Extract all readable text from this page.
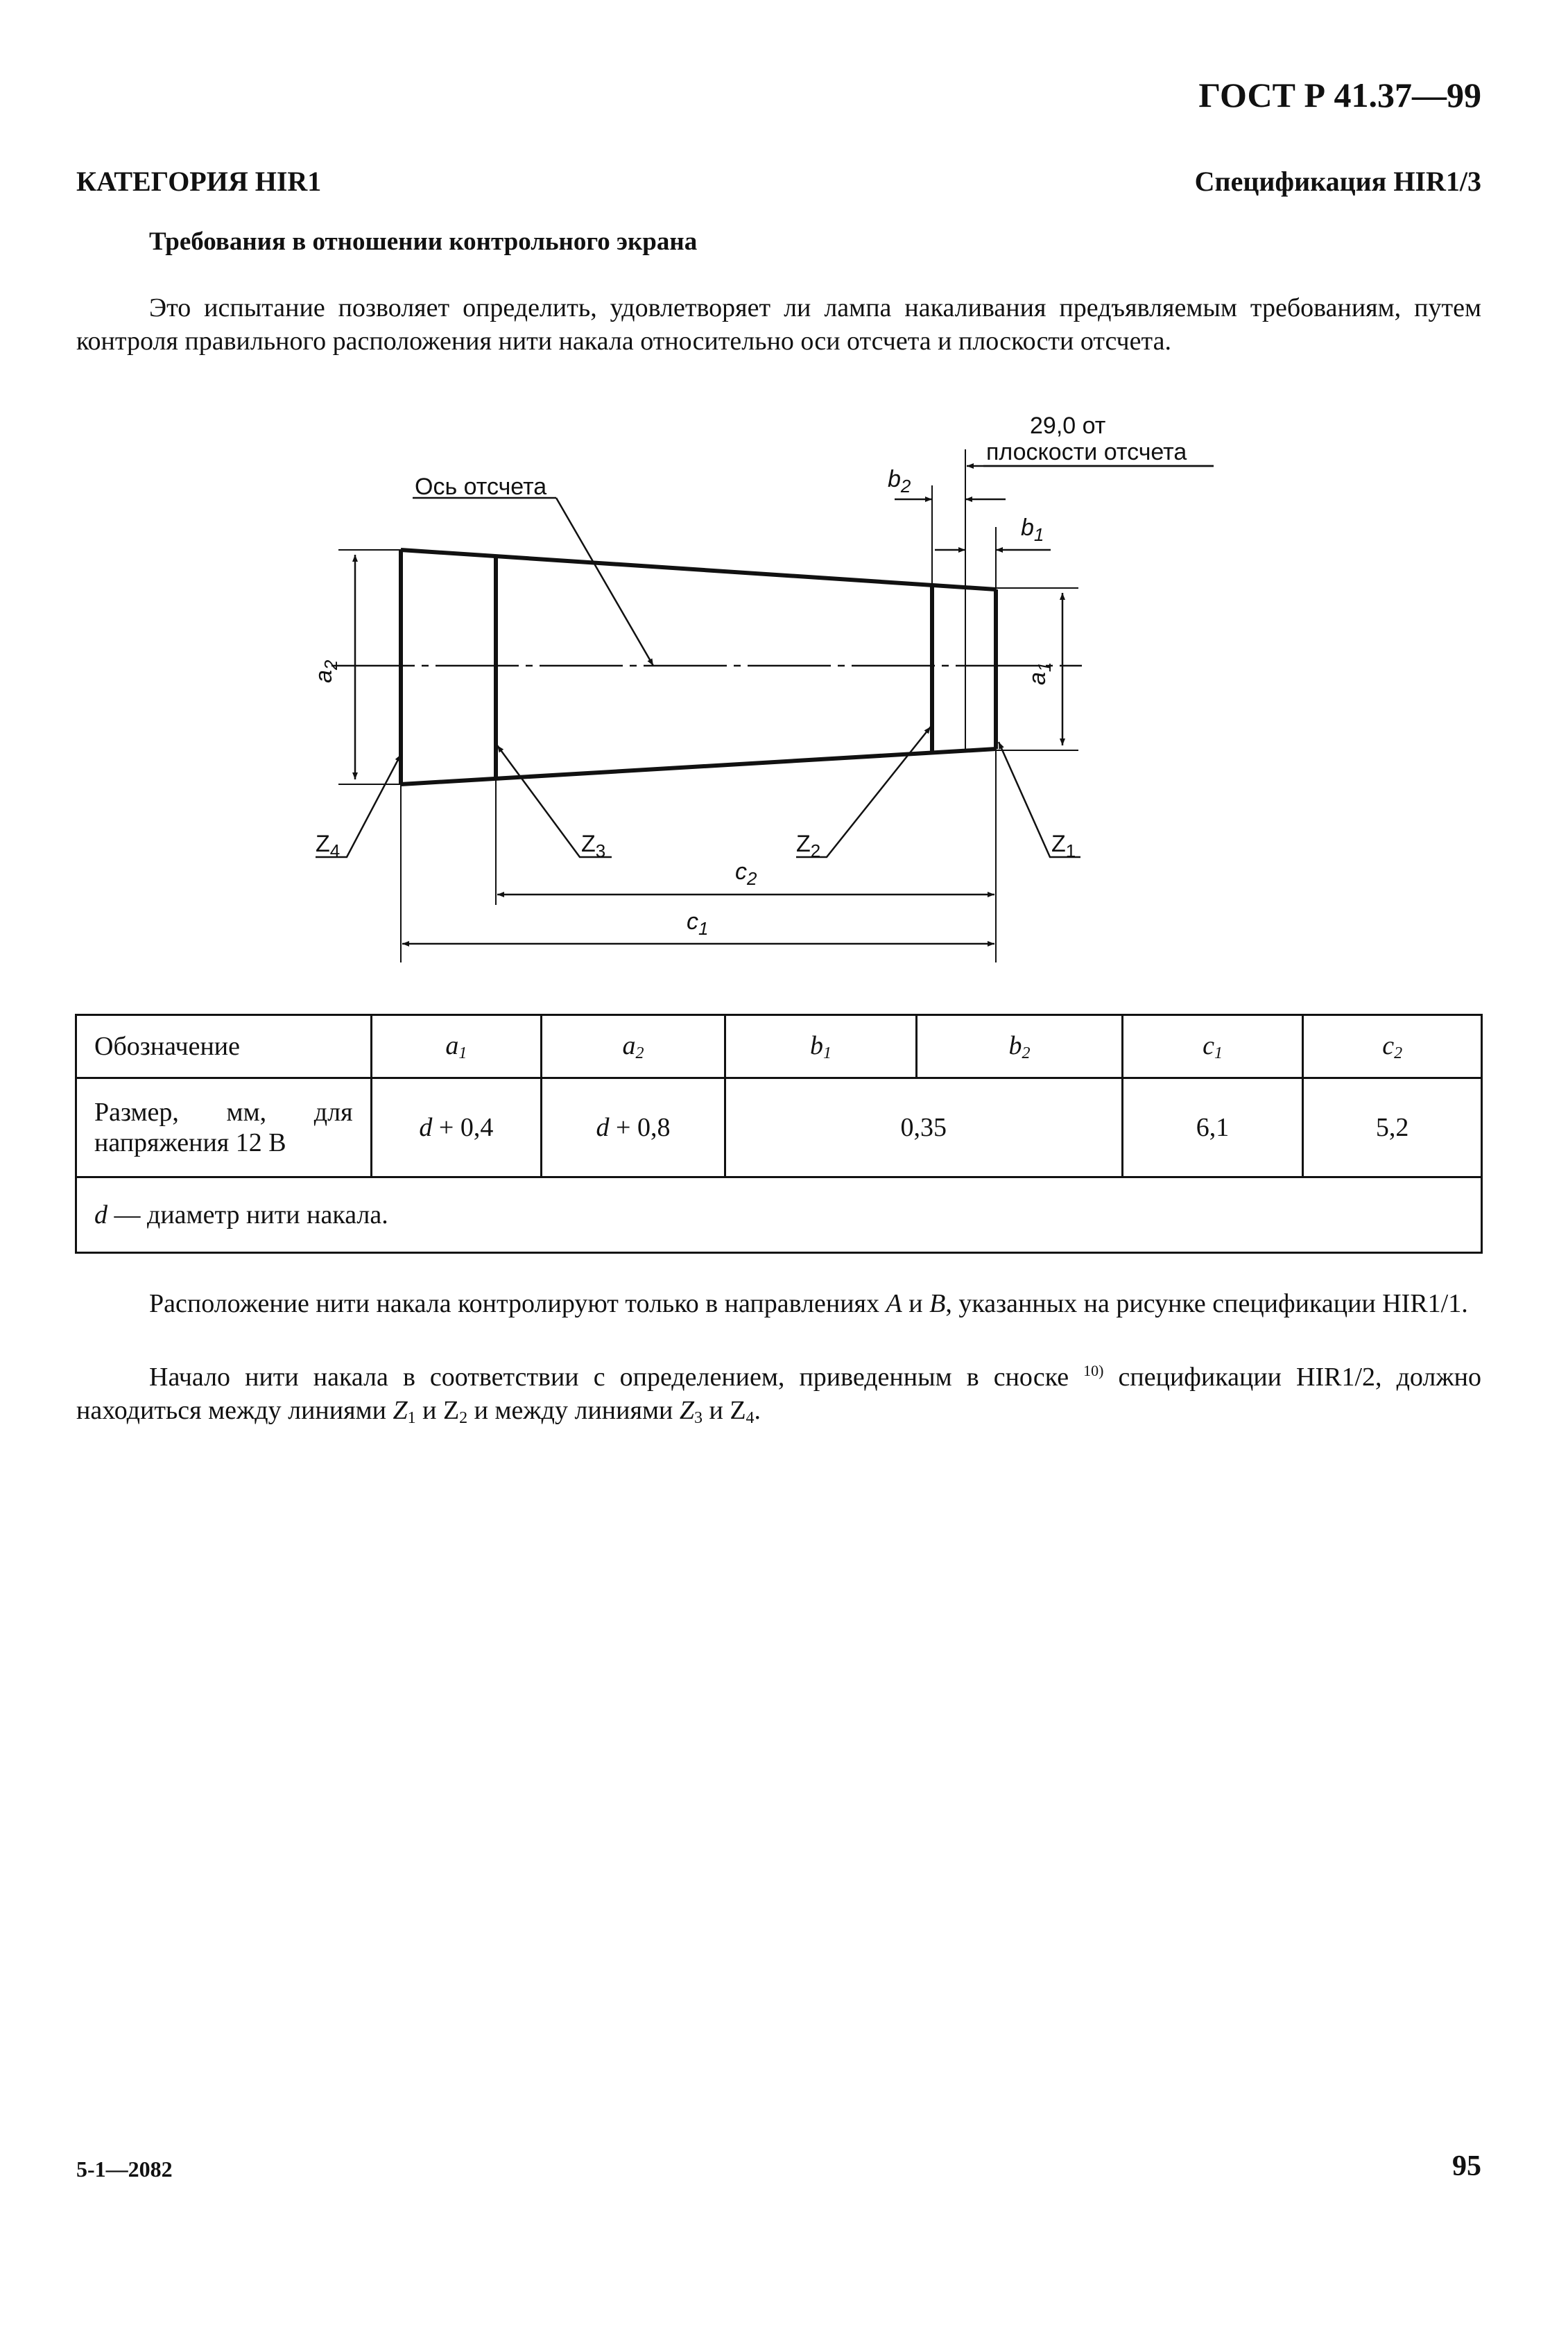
ГОСТ Р 41.37—99
КАТЕГОРИЯ HIR1	Спецификация HIR1/3
Требования в отношении контрольного экрана
Это испытание позволяет определить, удовлетворяет ли лампа накаливания предъявляемым требованиям, путем контроля правильного расположения нити накала относительно оси отсчета и плоскости отсчета.
29,0 от
плоскости отсчета
Ось отсчета	$b_2$
$b_1$
$a_2$
$a_1$
$Z_4$	$Z_3$	$Z_2$	$Z_1$
$c_2$
$c_1$
Обозначение	$a_1$	$a_2$	$b_1$	$b_2$	$c_1$	$c_2$

Размер, мм, для
напряжения 12 В	d + 0,4	d + 0,8	0,35		6,1	5,2
d — диаметр нити накала.						
Расположение нити накала контролируют только в направлениях A и B, указанных на рисунке спецификации HIR1/1.
Начало нити накала в соответствии с определением, приведенным в сноске $^{10)}$ спецификации HIR1/2, должно находиться между линиями $Z_1$ и $Z_2$ и между линиями $Z_3$ и $Z_4$.
5-1—2082	95
